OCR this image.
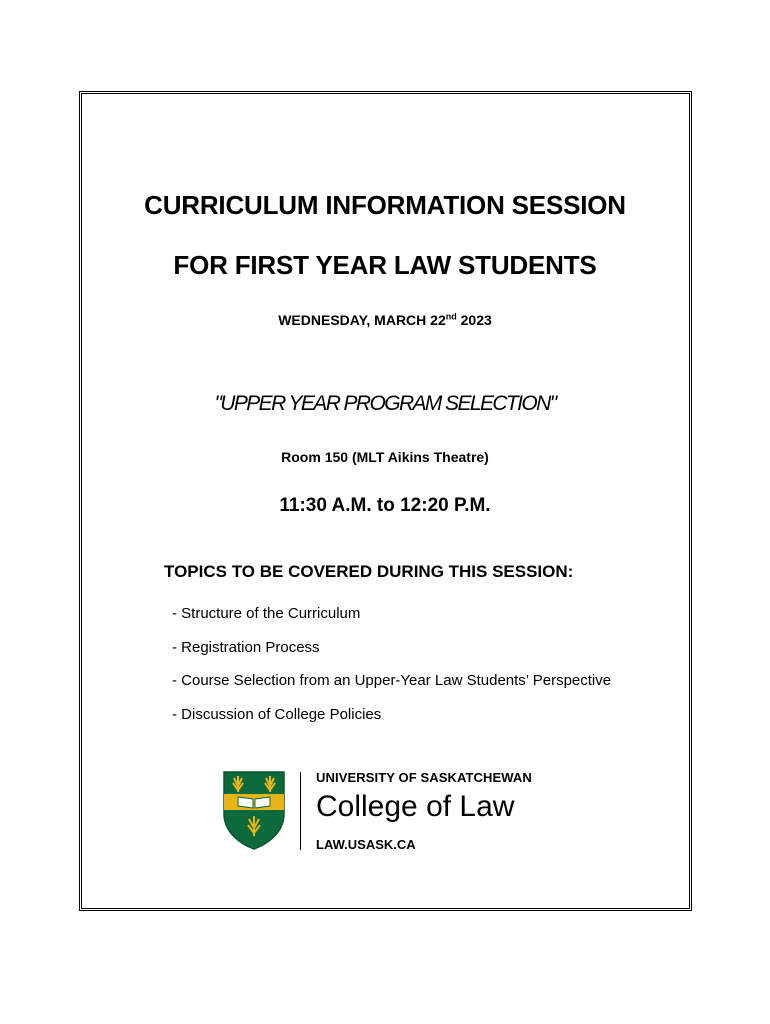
CURRICULUM INFORMATION SESSION
FOR FIRST YEAR LAW STUDENTS
WEDNESDAY, MARCH 22nd 2023
"UPPER YEAR PROGRAM SELECTION"
Room 150 (MLT Aikins Theatre)
11:30 A.M. to 12:20 P.M.
TOPICS TO BE COVERED DURING THIS SESSION:
- Structure of the Curriculum
- Registration Process
- Course Selection from an Upper-Year Law Students’ Perspective
- Discussion of College Policies
UNIVERSITY OF SASKATCHEWAN
College of Law
LAW.USASK.CA
